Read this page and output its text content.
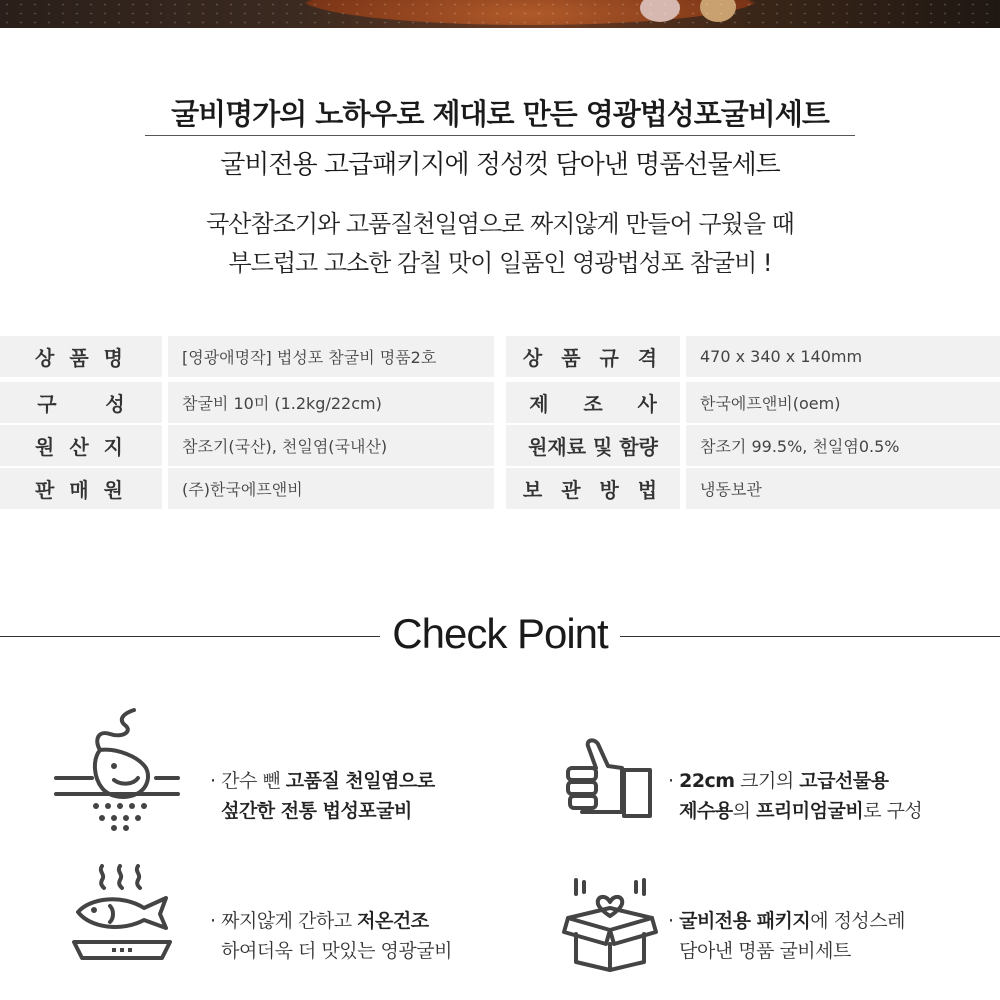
굴비명가의 노하우로 제대로 만든 영광법성포굴비세트
굴비전용 고급패키지에 정성껏 담아낸 명품선물세트
국산참조기와 고품질천일염으로 짜지않게 만들어 구웠을 때
부드럽고 고소한 감칠 맛이 일품인 영광법성포 참굴비 !
상 품 명	[영광애명작] 법성포 참굴비 명품2호	상 품 규 격	470 x 340 x 140mm
구       성	참굴비 10미 (1.2kg/22cm)	제     조     사	한국에프앤비(oem)
원 산 지	참조기(국산), 천일염(국내산)	원재료 및 함량	참조기 99.5%, 천일염0.5%
판 매 원	(주)한국에프앤비	보 관 방 법	냉동보관
Check Point
· 간수 뺀 고품질 천일염으로
섶간한 전통 법성포굴비
· 22cm 크기의 고급선물용
제수용의 프리미엄굴비로 구성
· 짜지않게 간하고 저온건조
하여더욱 더 맛있는 영광굴비
· 굴비전용 패키지에 정성스레
담아낸 명품 굴비세트
